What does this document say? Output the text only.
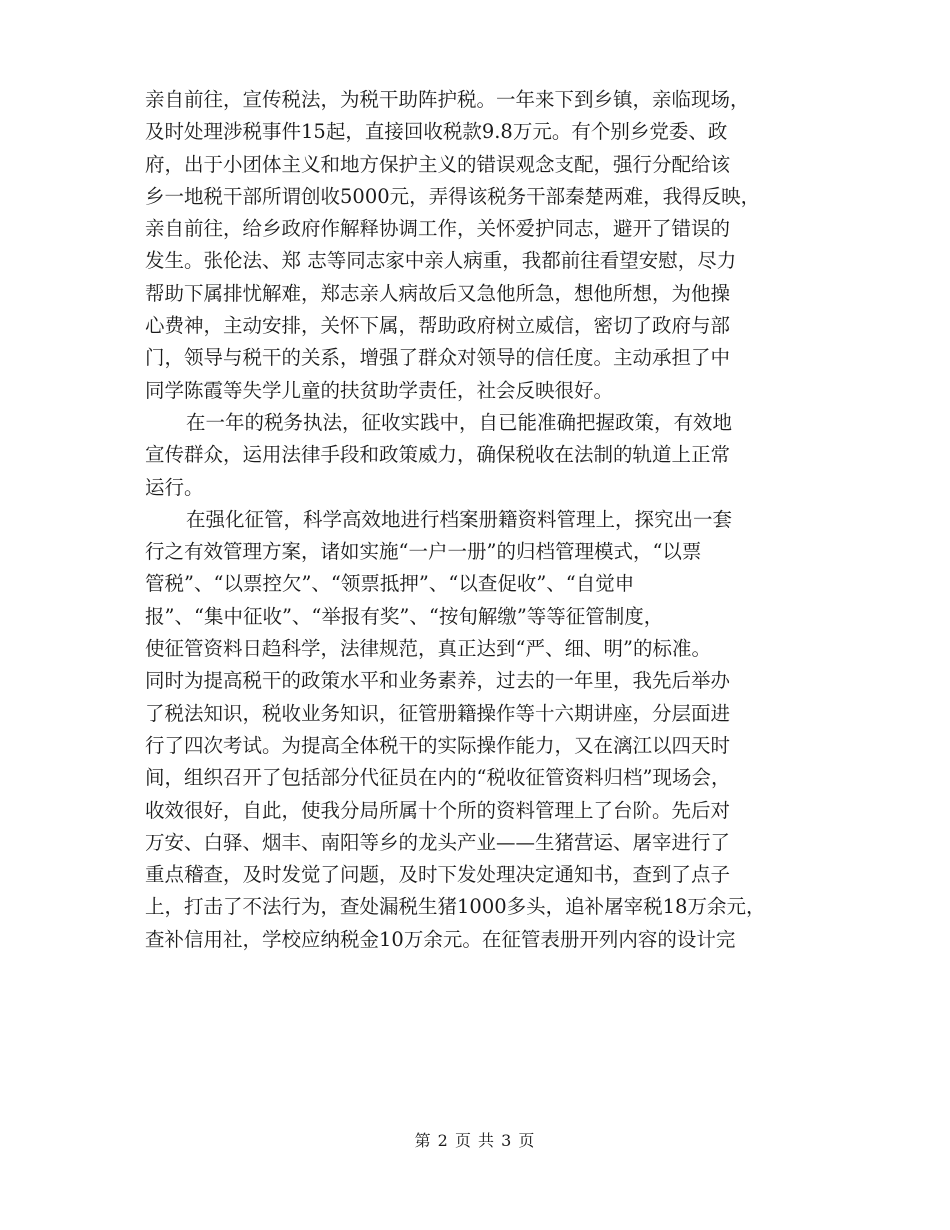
亲自前往，宣传税法，为税干助阵护税。一年来下到乡镇，亲临现场，
及时处理涉税事件15起，直接回收税款9.8万元。有个别乡党委、政
府，出于小团体主义和地方保护主义的错误观念支配，强行分配给该
乡一地税干部所谓创收5000元，弄得该税务干部秦楚两难，我得反映，
亲自前往，给乡政府作解释协调工作，关怀爱护同志，避开了错误的
发生。张伦法、郑 志等同志家中亲人病重，我都前往看望安慰，尽力
帮助下属排忧解难，郑志亲人病故后又急他所急，想他所想，为他操
心费神，主动安排，关怀下属，帮助政府树立威信，密切了政府与部
门，领导与税干的关系，增强了群众对领导的信任度。主动承担了中
同学陈霞等失学儿童的扶贫助学责任，社会反映很好。
在一年的税务执法，征收实践中，自已能准确把握政策，有效地
宣传群众，运用法律手段和政策威力，确保税收在法制的轨道上正常
运行。
在强化征管，科学高效地进行档案册籍资料管理上，探究出一套
行之有效管理方案，诸如实施“一户一册”的归档管理模式，“以票
管税”、“以票控欠”、“领票抵押”、“以查促收”、“自觉申
报”、“集中征收”、“举报有奖”、“按旬解缴”等等征管制度，
使征管资料日趋科学，法律规范，真正达到“严、细、明”的标准。
同时为提高税干的政策水平和业务素养，过去的一年里，我先后举办
了税法知识，税收业务知识，征管册籍操作等十六期讲座，分层面进
行了四次考试。为提高全体税干的实际操作能力，又在漓江以四天时
间，组织召开了包括部分代征员在内的“税收征管资料归档”现场会，
收效很好，自此，使我分局所属十个所的资料管理上了台阶。先后对
万安、白驿、烟丰、南阳等乡的龙头产业——生猪营运、屠宰进行了
重点稽查，及时发觉了问题，及时下发处理决定通知书，查到了点子
上，打击了不法行为，查处漏税生猪1000多头，追补屠宰税18万余元，
查补信用社，学校应纳税金10万余元。在征管表册开列内容的设计完
第 2 页 共 3 页
